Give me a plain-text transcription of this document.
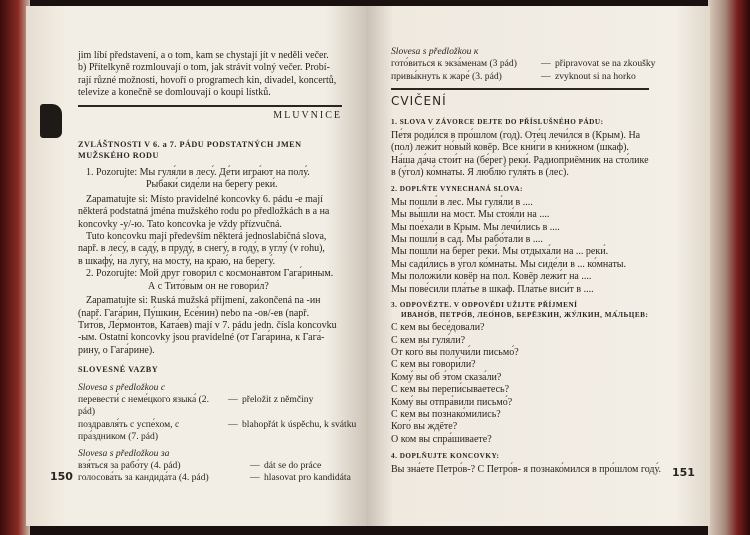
jim líbí představení, a o tom, kam se chystají jít v neděli večer.
b) Přítelkyně rozmlouvají o tom, jak strávit volný večer. Probí-
rají různé možnosti, hovoří o programech kin, divadel, koncertů,
televize a konečně se domlouvají o koupi lístků.
MLUVNICE
ZVLÁŠTNOSTI V 6. a 7. PÁDU PODSTATNÝCH JMEN
MUŽSKÉHO RODU
1. Pozorujte: Мы гуля́ли в лесу́. Де́ти игра́ют на полу́.
Рыбаки́ сиде́ли на берегу́ реки́.
Zapamatujte si: Místo pravidelné koncovky 6. pádu -e mají
některá podstatná jména mužského rodu po předložkách в a на
koncovky -у/-ю. Tato koncovka je vždy přízvučná.
Tuto koncovku mají především některá jednoslabičná slova,
např. в лесу́, в саду́, в пруду́, в снегу́, в году́, в углу́ (v rohu),
в шкафу́, на лугу́, на мосту́, на краю́, на берегу́.
2. Pozorujte: Мой друг говори́л с космона́втом Гага́риным.
А с Тито́вым он не говори́л?
Zapamatujte si: Ruská mužská příjmení, zakončená na -ин
(např. Гага́рин, Пу́шкин, Есе́нин) nebo na -ов/-ев (např.
Тито́в, Ле́рмонтов, Ката́ев) mají v 7. pádu jedn. čísla koncovku
-ым. Ostatní koncovky jsou pravidelné (от Гага́рина, к Гага́-
рину, о Гага́рине).
SLOVESNÉ VAZBY
Slovesa s předložkou с
перевести́ с неме́цкого языка́ (2. pád)
— přeložit z němčiny
поздравля́ть с успе́хом, с пра́здником (7. pád)
— blahopřát k úspěchu, k svátku
Slovesa s předložkou за
взя́ться за рабо́ту (4. pád)	— dát se do práce
голосова́ть за кандида́та (4. pád)	— hlasovat pro kandidáta
150
Slovesa s předložkou к
гото́виться к экза́менам (3 pád)	— připravovat se na zkoušky
привы́кнуть к жаре́ (3. pád)	— zvyknout si na horko
CVIČENÍ
1. SLOVA V ZÁVORCE DEJTE DO PŘÍSLUŠNÉHO PÁDU:
Пе́тя роди́лся в про́шлом (год). Оте́ц лечи́лся в (Крым). На
(пол) лежи́т но́вый ковёр. Все кни́ги в кни́жном (шкаф).
На́ша да́ча стои́т на (бе́рег) реки́. Радиоприёмник на сто́лике
в (у́гол) ко́мнаты. Я люблю́ гуля́ть в (лес).
2. DOPLŇTE VYNECHANÁ SLOVA:
Мы пошли́ в лес. Мы гуля́ли в ....
Мы вы́шли на мост. Мы стоя́ли на ....
Мы пое́хали в Крым. Мы лечи́лись в ....
Мы пошли́ в сад. Мы рабо́тали в ....
Мы пошли́ на бе́рег реки́. Мы отдыха́ли на ... реки́.
Мы сади́лись в у́гол ко́мнаты. Мы сиде́ли в ... ко́мнаты.
Мы положи́ли ковёр на пол. Ковёр лежи́т на ....
Мы пове́сили пла́тье в шкаф. Пла́тье виси́т в ....
3. ODPOVĚZTE. V ODPOVĚDI UŽIJTE PŘÍJMENÍ
ИВАНО́В, ПЕТРО́В, ЛЕО́НОВ, БЕРЁЗКИН, ЖУ́ЛКИН, МА́ЛЬЦЕВ:
С кем вы бесе́довали?
С кем вы гуля́ли?
От кого́ вы получи́ли письмо́?
С кем вы говори́ли?
Кому́ вы об э́том сказа́ли?
С кем вы перепи́сываетесь?
Кому́ вы отпра́вили письмо́?
С кем вы познако́мились?
Кого́ вы ждёте?
О ком вы спра́шиваете?
4. DOPLŇUJTE KONCOVKY:
Вы зна́ете Петро́в-? С Петро́в- я познако́мился в про́шлом году́. 151
